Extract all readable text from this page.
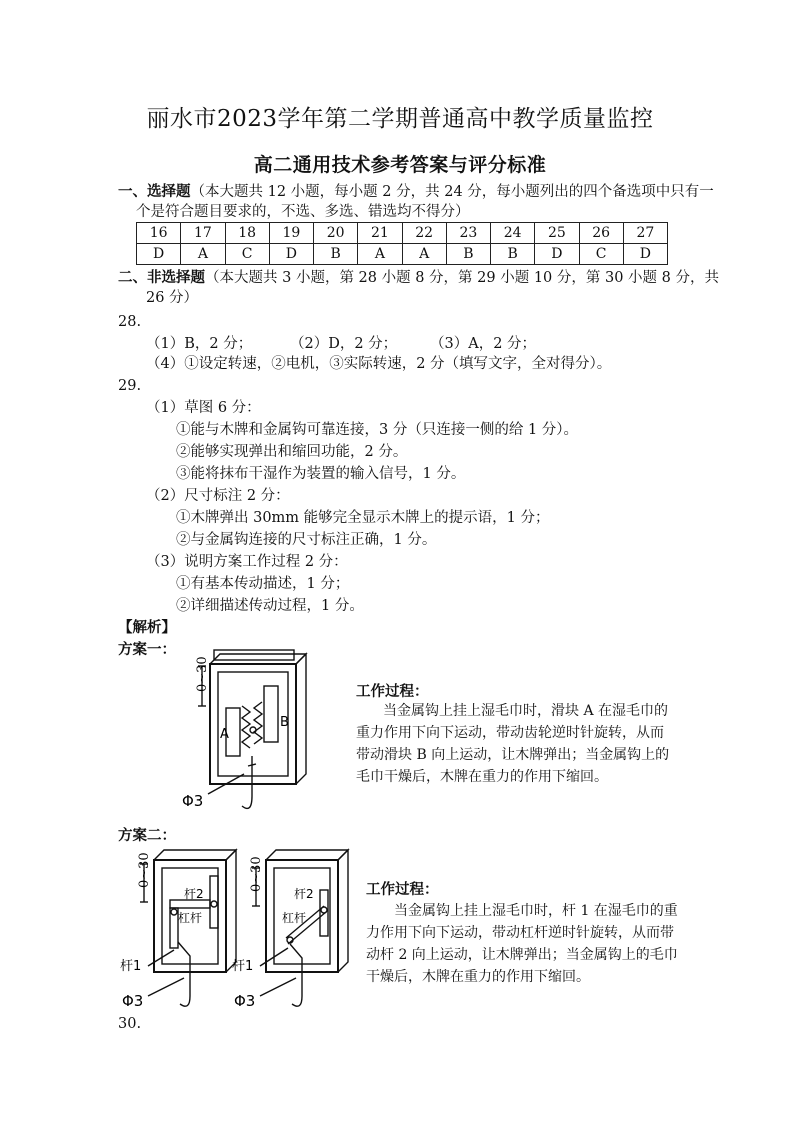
丽水市2023学年第二学期普通高中教学质量监控
高二通用技术参考答案与评分标准
一、选择题（本大题共 12 小题，每小题 2 分，共 24 分，每小题列出的四个备选项中只有一
个是符合题目要求的，不选、多选、错选均不得分）
16	17	18	19	20	21	22	23	24	25	26	27
D	A	C	D	B	A	A	B	B	D	C	D
二、非选择题（本大题共 3 小题，第 28 小题 8 分，第 29 小题 10 分，第 30 小题 8 分，共
26 分）
28.
（1）B，2 分；	（2）D，2 分； （3）A，2 分；
（4）①设定转速，②电机，③实际转速，2 分（填写文字，全对得分）。
29.
（1）草图 6 分：
①能与木牌和金属钩可靠连接，3 分（只连接一侧的给 1 分）。
②能够实现弹出和缩回功能，2 分。
③能将抹布干湿作为装置的输入信号，1 分。
（2）尺寸标注 2 分：
①木牌弹出 30mm 能够完全显示木牌上的提示语，1 分；
②与金属钩连接的尺寸标注正确，1 分。
（3）说明方案工作过程 2 分：
①有基本传动描述，1 分；
②详细描述传动过程，1 分。
【解析】
方案一：
0~30
A
B
Φ3
工作过程：
当金属钩上挂上湿毛巾时，滑块 A 在湿毛巾的
重力作用下向下运动，带动齿轮逆时针旋转，从而
带动滑块 B 向上运动，让木牌弹出；当金属钩上的
毛巾干燥后，木牌在重力的作用下缩回。
方案二：
0~30
杆2
杠杆
杆1
Φ3
0~30
杆2
杠杆
杆1
Φ3
工作过程：
当金属钩上挂上湿毛巾时，杆 1 在湿毛巾的重
力作用下向下运动，带动杠杆逆时针旋转，从而带
动杆 2 向上运动，让木牌弹出；当金属钩上的毛巾
干燥后，木牌在重力的作用下缩回。
30.
